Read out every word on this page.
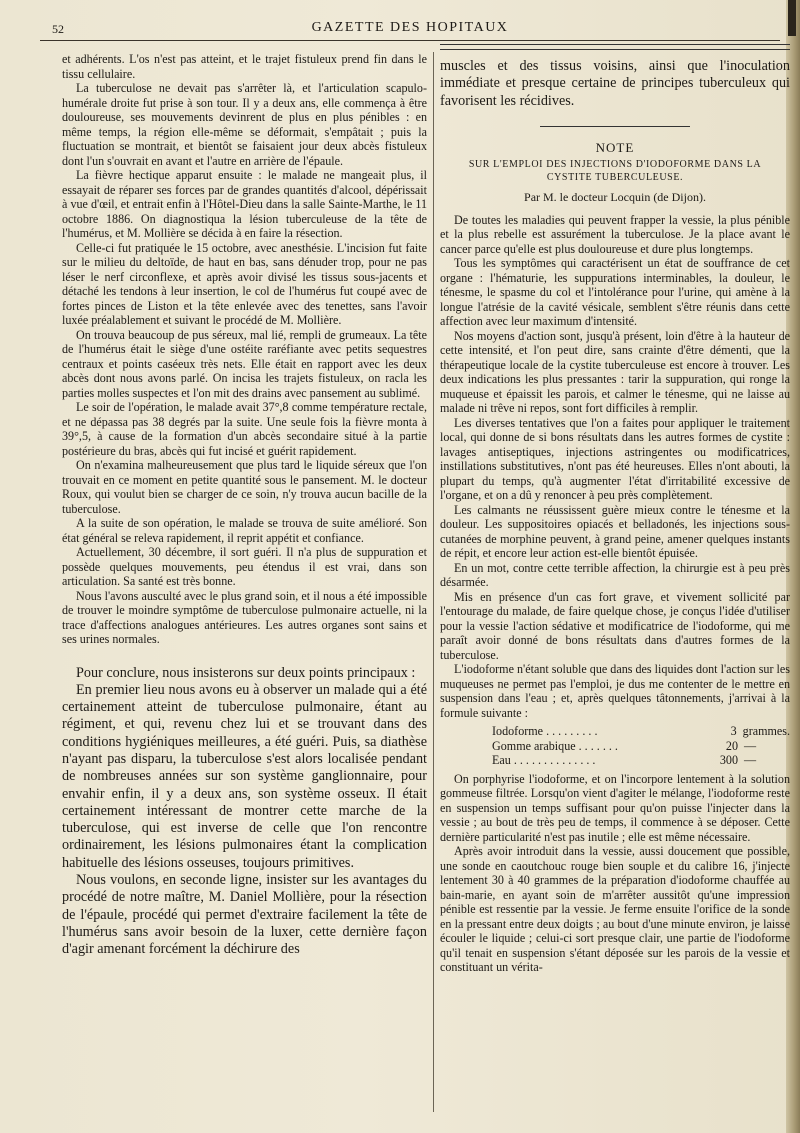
52	GAZETTE DES HOPITAUX

et adhérents. L'os n'est pas atteint, et le trajet fistuleux prend fin dans le tissu cellulaire.

La tuberculose ne devait pas s'arrêter là, et l'articulation scapulo-humérale droite fut prise à son tour. Il y a deux ans, elle commença à être douloureuse, ses mouvements devinrent de plus en plus pénibles : en même temps, la région elle-même se déformait, s'empâtait ; puis la fluctuation se montrait, et bientôt se faisaient jour deux abcès fistuleux dont l'un s'ouvrait en avant et l'autre en arrière de l'épaule.

La fièvre hectique apparut ensuite : le malade ne mangeait plus, il essayait de réparer ses forces par de grandes quantités d'alcool, dépérissait à vue d'œil, et entrait enfin à l'Hôtel-Dieu dans la salle Sainte-Marthe, le 11 octobre 1886. On diagnostiqua la lésion tuberculeuse de la tête de l'humérus, et M. Mollière se décida à en faire la résection.

Celle-ci fut pratiquée le 15 octobre, avec anesthésie. L'incision fut faite sur le milieu du deltoïde, de haut en bas, sans dénuder trop, pour ne pas léser le nerf circonflexe, et après avoir divisé les tissus sous-jacents et détaché les tendons à leur insertion, le col de l'humérus fut coupé avec de fortes pinces de Liston et la tête enlevée avec des tenettes, sans l'avoir luxée préalablement et suivant le procédé de M. Mollière.

On trouva beaucoup de pus séreux, mal lié, rempli de grumeaux. La tête de l'humérus était le siège d'une ostéite raréfiante avec petits sequestres centraux et points caséeux très nets. Elle était en rapport avec les deux abcès dont nous avons parlé. On incisa les trajets fistuleux, on racla les parties molles suspectes et l'on mit des drains avec pansement au sublimé.

Le soir de l'opération, le malade avait 37°,8 comme température rectale, et ne dépassa pas 38 degrés par la suite. Une seule fois la fièvre monta à 39°,5, à cause de la formation d'un abcès secondaire situé à la partie postérieure du bras, abcès qui fut incisé et guérit rapidement.

On n'examina malheureusement que plus tard le liquide séreux que l'on trouvait en ce moment en petite quantité sous le pansement. M. le docteur Roux, qui voulut bien se charger de ce soin, n'y trouva aucun bacille de la tuberculose.

A la suite de son opération, le malade se trouva de suite amélioré. Son état général se releva rapidement, il reprit appétit et confiance.

Actuellement, 30 décembre, il sort guéri. Il n'a plus de suppuration et possède quelques mouvements, peu étendus il est vrai, dans son articulation. Sa santé est très bonne.

Nous l'avons ausculté avec le plus grand soin, et il nous a été impossible de trouver le moindre symptôme de tuberculose pulmonaire actuelle, ni la trace d'affections analogues antérieures. Les autres organes sont sains et ses urines normales.

Pour conclure, nous insisterons sur deux points principaux :

En premier lieu nous avons eu à observer un malade qui a été certainement atteint de tuberculose pulmonaire, étant au régiment, et qui, revenu chez lui et se trouvant dans des conditions hygiéniques meilleures, a été guéri. Puis, sa diathèse n'ayant pas disparu, la tuberculose s'est alors localisée pendant de nombreuses années sur son système ganglionnaire, pour envahir enfin, il y a deux ans, son système osseux. Il était certainement intéressant de montrer cette marche de la tuberculose, qui est inverse de celle que l'on rencontre ordinairement, les lésions pulmonaires étant la complication habituelle des lésions osseuses, toujours primitives.

Nous voulons, en seconde ligne, insister sur les avantages du procédé de notre maître, M. Daniel Mollière, pour la résection de l'épaule, procédé qui permet d'extraire facilement la tête de l'humérus sans avoir besoin de la luxer, cette dernière façon d'agir amenant forcément la déchirure des

muscles et des tissus voisins, ainsi que l'inoculation immédiate et presque certaine de principes tuberculeux qui favorisent les récidives.

NOTE
SUR L'EMPLOI DES INJECTIONS D'IODOFORME DANS LA CYSTITE TUBERCULEUSE.
Par M. le docteur Locquin (de Dijon).

De toutes les maladies qui peuvent frapper la vessie, la plus pénible et la plus rebelle est assurément la tuberculose. Je la place avant le cancer parce qu'elle est plus douloureuse et dure plus longtemps.

Tous les symptômes qui caractérisent un état de souffrance de cet organe : l'hématurie, les suppurations interminables, la douleur, le ténesme, le spasme du col et l'intolérance pour l'urine, qui amène à la longue l'atrésie de la cavité vésicale, semblent s'être réunis dans cette affection avec leur maximum d'intensité.

Nos moyens d'action sont, jusqu'à présent, loin d'être à la hauteur de cette intensité, et l'on peut dire, sans crainte d'être démenti, que la thérapeutique locale de la cystite tuberculeuse est encore à trouver. Les deux indications les plus pressantes : tarir la suppuration, qui ronge la muqueuse et épaissit les parois, et calmer le ténesme, qui ne laisse au malade ni trêve ni repos, sont fort difficiles à remplir.

Les diverses tentatives que l'on a faites pour appliquer le traitement local, qui donne de si bons résultats dans les autres formes de cystite : lavages antiseptiques, injections astringentes ou modificatrices, instillations substitutives, n'ont pas été heureuses. Elles n'ont abouti, la plupart du temps, qu'à augmenter l'état d'irritabilité excessive de l'organe, et on a dû y renoncer à peu près complètement.

Les calmants ne réussissent guère mieux contre le ténesme et la douleur. Les suppositoires opiacés et belladonés, les injections sous-cutanées de morphine peuvent, à grand peine, amener quelques instants de répit, et encore leur action est-elle bientôt épuisée.

En un mot, contre cette terrible affection, la chirurgie est à peu près désarmée.

Mis en présence d'un cas fort grave, et vivement sollicité par l'entourage du malade, de faire quelque chose, je conçus l'idée d'utiliser pour la vessie l'action sédative et modificatrice de l'iodoforme, qui me paraît avoir donné de bons résultats dans d'autres formes de la tuberculose.

L'iodoforme n'étant soluble que dans des liquides dont l'action sur les muqueuses ne permet pas l'emploi, je dus me contenter de le mettre en suspension dans l'eau ; et, après quelques tâtonnements, j'arrivai à la formule suivante :

Iodoforme . . . . . . . . .	3 grammes.
Gomme arabique . . . . . . .	20 —
Eau . . . . . . . . . . . . . .	300 —

On porphyrise l'iodoforme, et on l'incorpore lentement à la solution gommeuse filtrée. Lorsqu'on vient d'agiter le mélange, l'iodoforme reste en suspension un temps suffisant pour qu'on puisse l'injecter dans la vessie ; au bout de très peu de temps, il commence à se déposer. Cette dernière particularité n'est pas inutile ; elle est même nécessaire.

Après avoir introduit dans la vessie, aussi doucement que possible, une sonde en caoutchouc rouge bien souple et du calibre 16, j'injecte lentement 30 à 40 grammes de la préparation d'iodoforme chauffée au bain-marie, en ayant soin de m'arrêter aussitôt qu'une impression pénible est ressentie par la vessie. Je ferme ensuite l'orifice de la sonde en la pressant entre deux doigts ; au bout d'une minute environ, je laisse écouler le liquide ; celui-ci sort presque clair, une partie de l'iodoforme qu'il tenait en suspension s'étant déposée sur les parois de la vessie et constituant un vérita-
